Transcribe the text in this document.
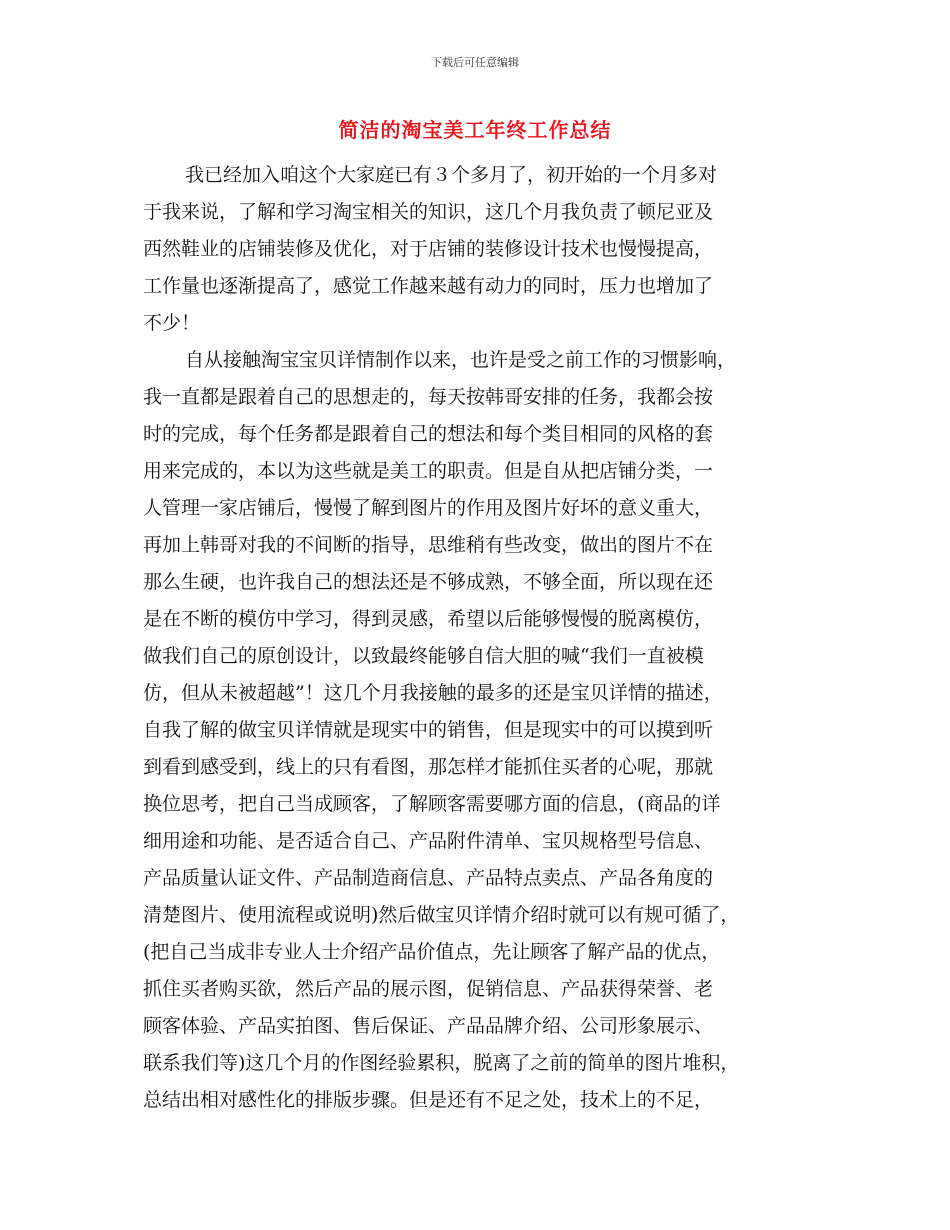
下载后可任意编辑
简洁的淘宝美工年终工作总结
我已经加入咱这个大家庭已有３个多月了，初开始的一个月多对
于我来说，了解和学习淘宝相关的知识，这几个月我负责了顿尼亚及
西然鞋业的店铺装修及优化，对于店铺的装修设计技术也慢慢提高，
工作量也逐渐提高了，感觉工作越来越有动力的同时，压力也增加了
不少！
自从接触淘宝宝贝详情制作以来，也许是受之前工作的习惯影响，
我一直都是跟着自己的思想走的，每天按韩哥安排的任务，我都会按
时的完成，每个任务都是跟着自己的想法和每个类目相同的风格的套
用来完成的，本以为这些就是美工的职责。但是自从把店铺分类，一
人管理一家店铺后，慢慢了解到图片的作用及图片好坏的意义重大，
再加上韩哥对我的不间断的指导，思维稍有些改变，做出的图片不在
那么生硬，也许我自己的想法还是不够成熟，不够全面，所以现在还
是在不断的模仿中学习，得到灵感，希望以后能够慢慢的脱离模仿，
做我们自己的原创设计，以致最终能够自信大胆的喊“我们一直被模
仿，但从未被超越”！这几个月我接触的最多的还是宝贝详情的描述，
自我了解的做宝贝详情就是现实中的销售，但是现实中的可以摸到听
到看到感受到，线上的只有看图，那怎样才能抓住买者的心呢，那就
换位思考，把自己当成顾客，了解顾客需要哪方面的信息，(商品的详
细用途和功能、是否适合自己、产品附件清单、宝贝规格型号信息、
产品质量认证文件、产品制造商信息、产品特点卖点、产品各角度的
清楚图片、使用流程或说明)然后做宝贝详情介绍时就可以有规可循了，
(把自己当成非专业人士介绍产品价值点，先让顾客了解产品的优点，
抓住买者购买欲，然后产品的展示图，促销信息、产品获得荣誉、老
顾客体验、产品实拍图、售后保证、产品品牌介绍、公司形象展示、
联系我们等)这几个月的作图经验累积，脱离了之前的简单的图片堆积，
总结出相对感性化的排版步骤。但是还有不足之处，技术上的不足，
